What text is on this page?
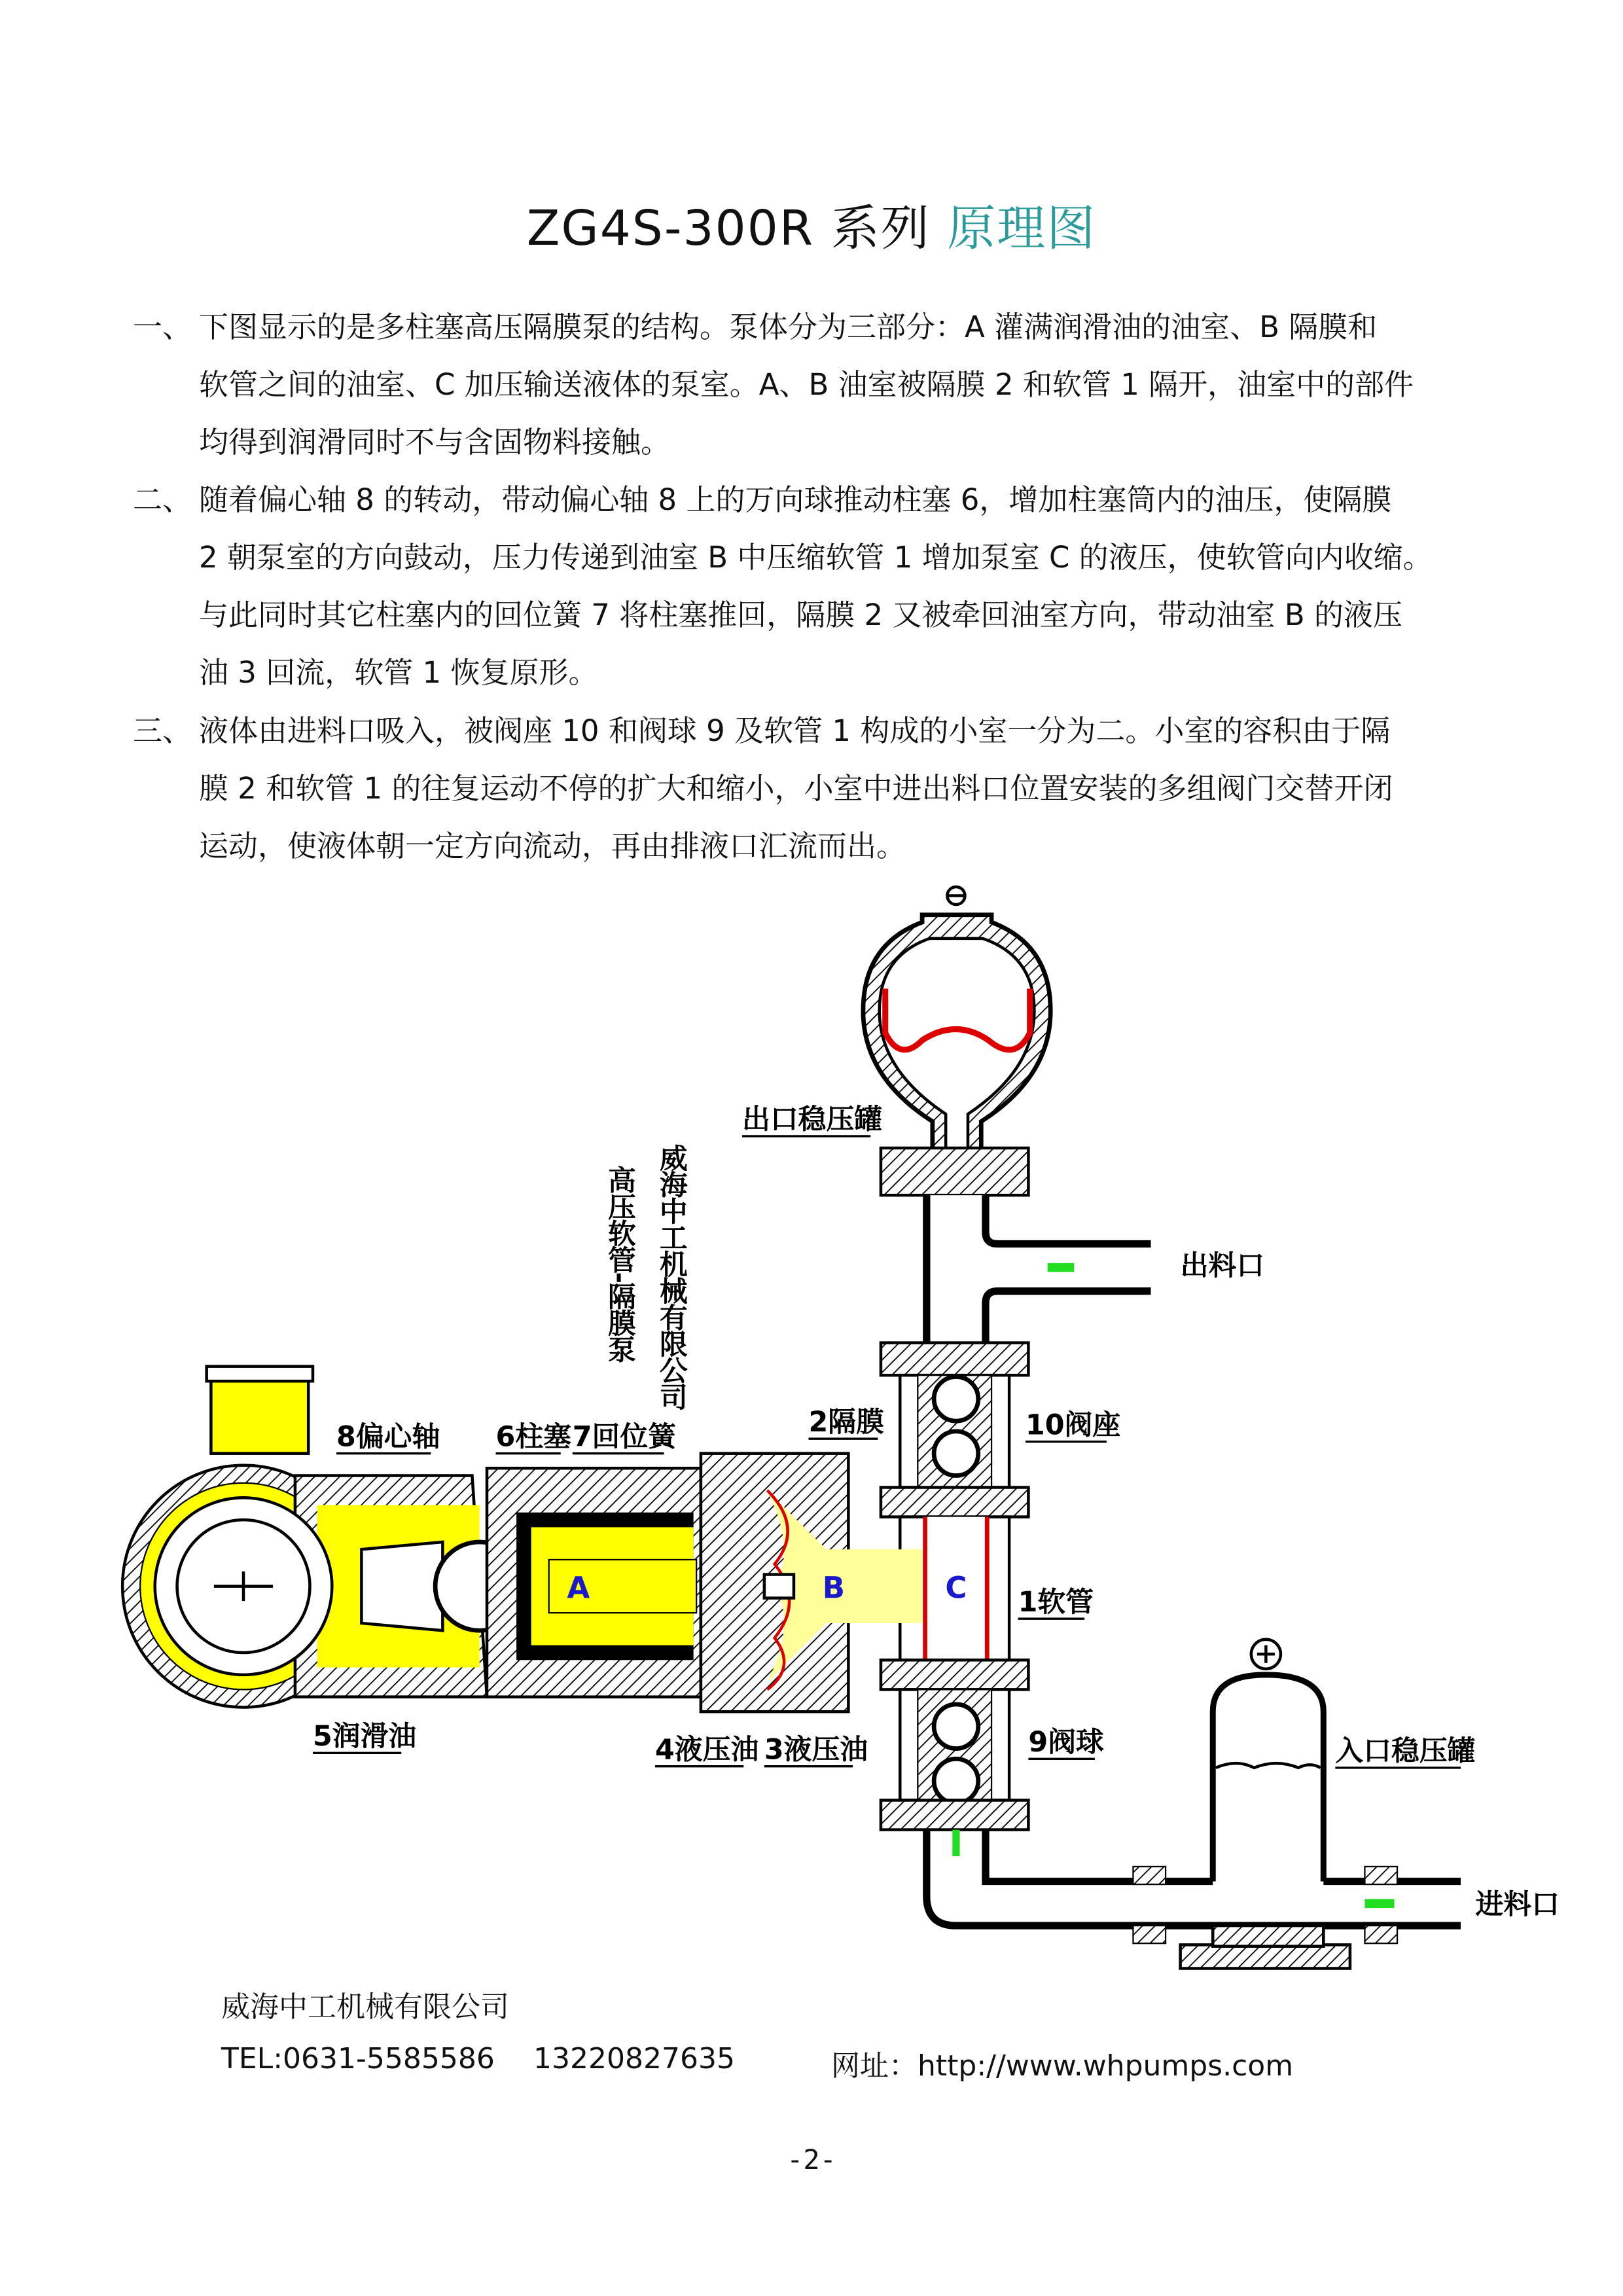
ZG4S-300R 系列 原理图
一、 下图显示的是多柱塞高压隔膜泵的结构。泵体分为三部分：A 灌满润滑油的油室、B 隔膜和
软管之间的油室、C 加压输送液体的泵室。A、B 油室被隔膜 2 和软管 1 隔开，油室中的部件
均得到润滑同时不与含固物料接触。
二、 随着偏心轴 8 的转动，带动偏心轴 8 上的万向球推动柱塞 6，增加柱塞筒内的油压，使隔膜
2 朝泵室的方向鼓动，压力传递到油室 B 中压缩软管 1 增加泵室 C 的液压，使软管向内收缩。
与此同时其它柱塞内的回位簧 7 将柱塞推回，隔膜 2 又被牵回油室方向，带动油室 B 的液压
油 3 回流，软管 1 恢复原形。
三、 液体由进料口吸入，被阀座 10 和阀球 9 及软管 1 构成的小室一分为二。小室的容积由于隔
膜 2 和软管 1 的往复运动不停的扩大和缩小，小室中进出料口位置安装的多组阀门交替开闭
运动，使液体朝一定方向流动，再由排液口汇流而出。
出口稳压罐
出料口
10阀座
C	1软管
9阀球	入口稳压罐
进料口
A	B
8偏心轴	6柱塞 7回位簧	2隔膜
5润滑油	4液压油 3液压油
威海中工机械有限公司
高压软管-隔膜泵
威海中工机械有限公司
TEL:0631-5585586 13220827635	网址：http://www.whpumps.com
-2-
